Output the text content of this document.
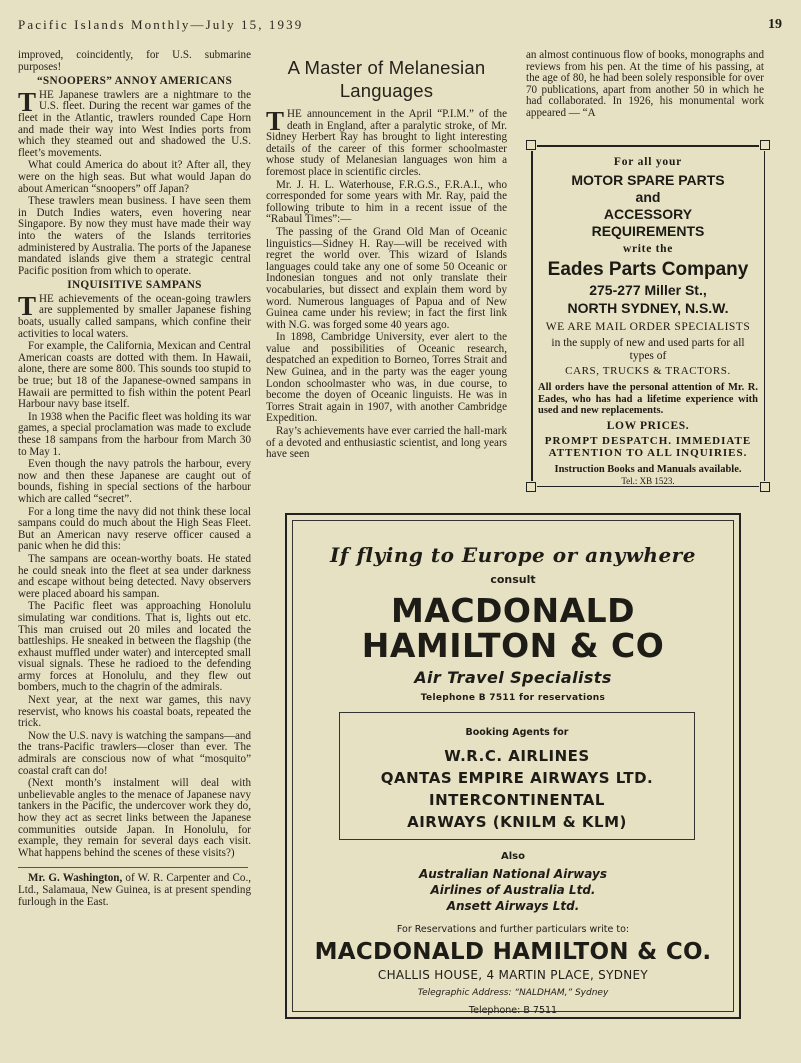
Pacific Islands Monthly—July 15, 1939	19

improved, coincidently, for U.S. submarine purposes!

“SNOOPERS” ANNOY AMERICANS

THE Japanese trawlers are a nightmare to the U.S. fleet. During the recent war games of the fleet in the Atlantic, trawlers rounded Cape Horn and made their way into West Indies ports from which they steamed out and shadowed the U.S. fleet’s movements.

What could America do about it? After all, they were on the high seas. But what would Japan do about American “snoopers” off Japan?

These trawlers mean business. I have seen them in Dutch Indies waters, even hovering near Singapore. By now they must have made their way into the waters of the Islands territories administered by Australia. The ports of the Japanese mandated islands give them a strategic central Pacific position from which to operate.

INQUISITIVE SAMPANS

THE achievements of the ocean-going trawlers are supplemented by smaller Japanese fishing boats, usually called sampans, which confine their activities to local waters.

For example, the California, Mexican and Central American coasts are dotted with them. In Hawaii, alone, there are some 800. This sounds too stupid to be true; but 18 of the Japanese-owned sampans in Hawaii are permitted to fish within the potent Pearl Harbour navy base itself.

In 1938 when the Pacific fleet was holding its war games, a special proclamation was made to exclude these 18 sampans from the harbour from March 30 to May 1.

Even though the navy patrols the harbour, every now and then these Japanese are caught out of bounds, fishing in special sections of the harbour which are called “secret”.

For a long time the navy did not think these local sampans could do much about the High Seas Fleet. But an American navy reserve officer caused a panic when he did this:

The sampans are ocean-worthy boats. He stated he could sneak into the fleet at sea under darkness and escape without being detected. Navy observers were placed aboard his sampan.

The Pacific fleet was approaching Honolulu simulating war conditions. That is, lights out etc. This man cruised out 20 miles and located the battleships. He sneaked in between the flagship (the exhaust muffled under water) and intercepted small visual signals. These he radioed to the defending army forces at Honolulu, and they flew out bombers, much to the chagrin of the admirals.

Next year, at the next war games, this navy reservist, who knows his coastal boats, repeated the trick.

Now the U.S. navy is watching the sampans—and the trans-Pacific trawlers—closer than ever. The admirals are conscious now of what “mosquito” coastal craft can do!

(Next month’s instalment will deal with unbelievable angles to the menace of Japanese navy tankers in the Pacific, the undercover work they do, how they act as secret links between the Japanese communities outside Japan. In Honolulu, for example, they remain for several days each visit. What happens behind the scenes of these visits?)

Mr. G. Washington, of W. R. Carpenter and Co., Ltd., Salamaua, New Guinea, is at present spending furlough in the East.

A Master of Melanesian Languages

THE announcement in the April “P.I.M.” of the death in England, after a paralytic stroke, of Mr. Sidney Herbert Ray has brought to light interesting details of the career of this former schoolmaster whose study of Melanesian languages won him a foremost place in scientific circles.

Mr. J. H. L. Waterhouse, F.R.G.S., F.R.A.I., who corresponded for some years with Mr. Ray, paid the following tribute to him in a recent issue of the “Rabaul Times”:—

The passing of the Grand Old Man of Oceanic linguistics—Sidney H. Ray—will be received with regret the world over. This wizard of Islands languages could take any one of some 50 Oceanic or Indonesian tongues and not only translate their vocabularies, but dissect and explain them word by word. Numerous languages of Papua and of New Guinea came under his review; in fact the first link with N.G. was forged some 40 years ago.

In 1898, Cambridge University, ever alert to the value and possibilities of Oceanic research, despatched an expedition to Borneo, Torres Strait and New Guinea, and in the party was the eager young London schoolmaster who was, in due course, to become the doyen of Oceanic linguists. He was in Torres Strait again in 1907, with another Cambridge Expedition.

Ray’s achievements have ever carried the hall-mark of a devoted and enthusiastic scientist, and long years have seen

an almost continuous flow of books, monographs and reviews from his pen. At the time of his passing, at the age of 80, he had been solely responsible for over 70 publications, apart from another 50 in which he had collaborated. In 1926, his monumental work appeared — “A

For all your
MOTOR SPARE PARTS
and
ACCESSORY
REQUIREMENTS
write the
Eades Parts Company
275-277 Miller St.,
NORTH SYDNEY, N.S.W.
WE ARE MAIL ORDER SPECIALISTS
in the supply of new and used parts for all types of
CARS, TRUCKS & TRACTORS.
All orders have the personal attention of Mr. R. Eades, who has had a lifetime experience with used and new replacements.
LOW PRICES.
PROMPT DESPATCH. IMMEDIATE ATTENTION TO ALL INQUIRIES.
Instruction Books and Manuals available.
Tel.: XB 1523.
If flying to Europe or anywhere
consult
MACDONALD
HAMILTON & CO
Air Travel Specialists
Telephone B 7511 for reservations
Booking Agents for
W.R.C. AIRLINES
QANTAS EMPIRE AIRWAYS LTD.
INTERCONTINENTAL
AIRWAYS (KNILM & KLM)
Also
Australian National Airways
Airlines of Australia Ltd.
Ansett Airways Ltd.
For Reservations and further particulars write to:
MACDONALD HAMILTON & CO.
CHALLIS HOUSE, 4 MARTIN PLACE, SYDNEY
Telegraphic Address: “NALDHAM,” Sydney
Telephone: B 7511
